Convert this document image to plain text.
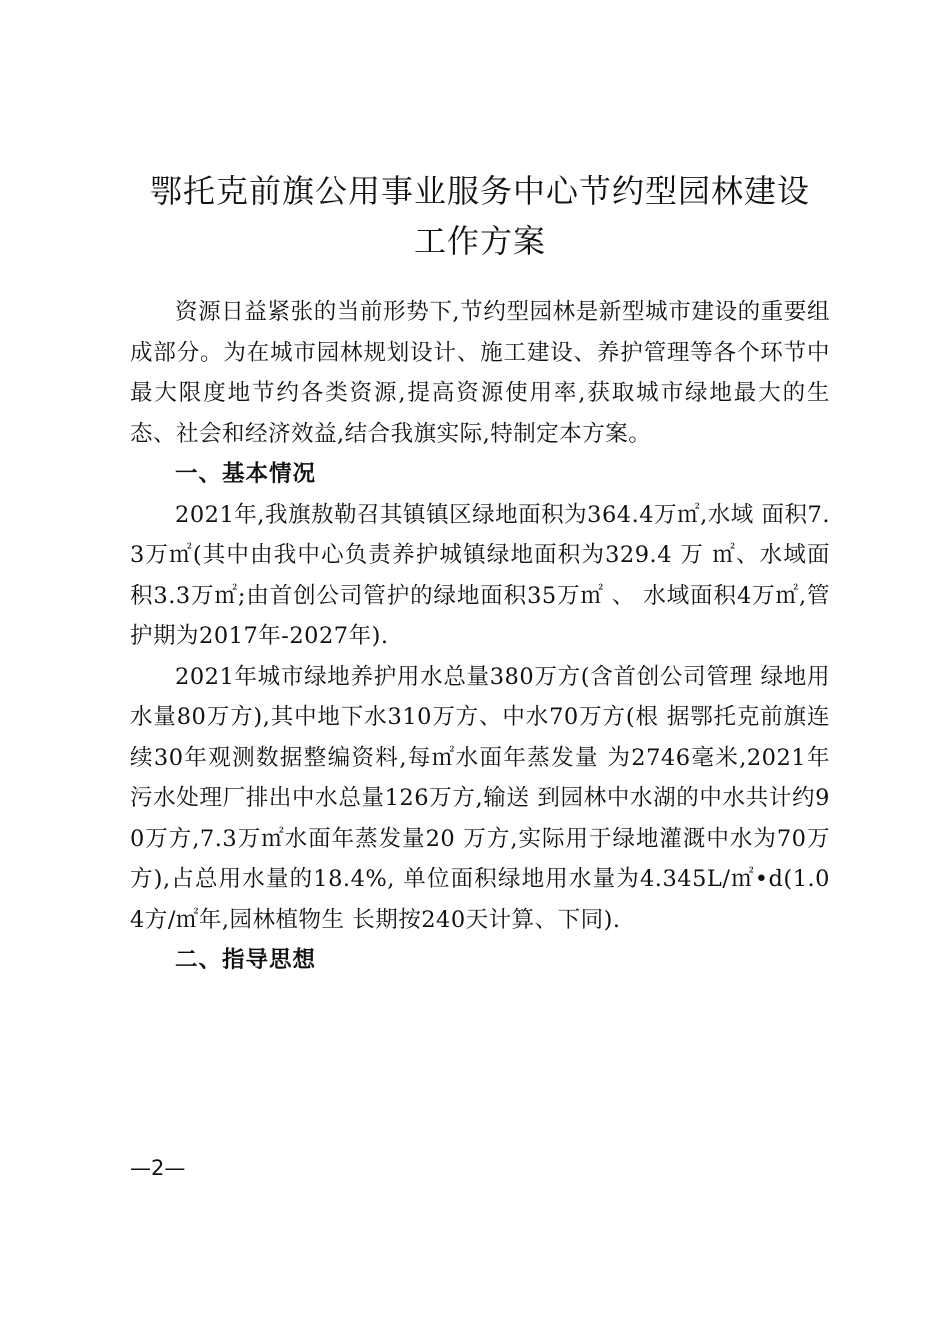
鄂托克前旗公用事业服务中心节约型园林建设
工作方案

资源日益紧张的当前形势下,节约型园林是新型城市建设的重要组成部分。为在城市园林规划设计、施工建设、养护管理等各个环节中最大限度地节约各类资源,提高资源使用率,获取城市绿地最大的生态、社会和经济效益,结合我旗实际,特制定本方案。

一、基本情况

2021年,我旗敖勒召其镇镇区绿地面积为364.4万㎡,水域 面积7.3万㎡(其中由我中心负责养护城镇绿地面积为329.4 万 ㎡、水域面积3.3万㎡;由首创公司管护的绿地面积35万㎡ 、 水域面积4万㎡,管护期为2017年-2027年).

2021年城市绿地养护用水总量380万方(含首创公司管理 绿地用水量80万方),其中地下水310万方、中水70万方(根 据鄂托克前旗连续30年观测数据整编资料,每㎡水面年蒸发量 为2746毫米,2021年污水处理厂排出中水总量126万方,输送 到园林中水湖的中水共计约90万方,7.3万㎡水面年蒸发量20 万方,实际用于绿地灌溉中水为70万方),占总用水量的18.4%, 单位面积绿地用水量为4.345L/㎡•d(1.04方/㎡年,园林植物生 长期按240天计算、下同).

二、指导思想

—2—
